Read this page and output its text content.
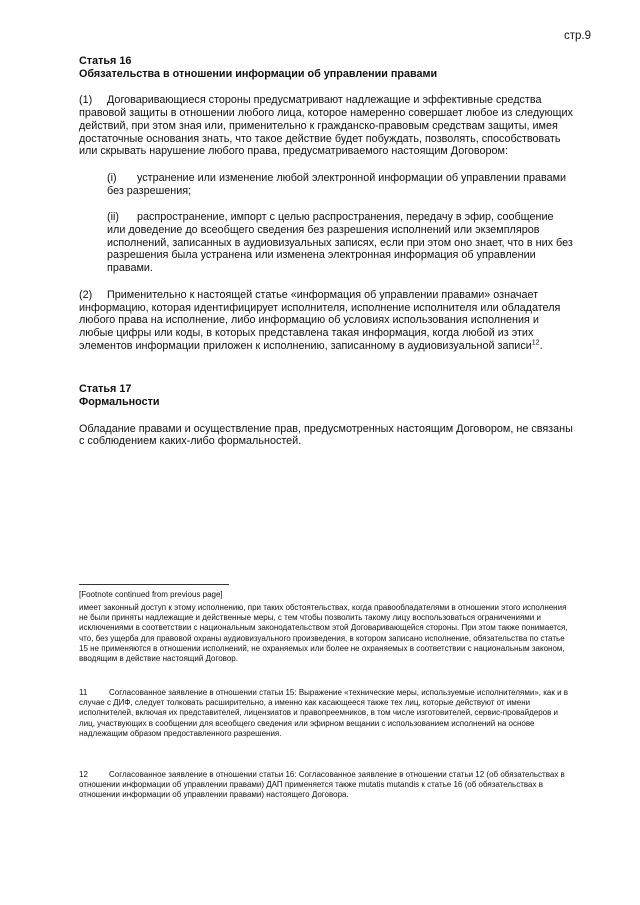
стр.9
Статья 16
Обязательства в отношении информации об управлении правами
(1) Договаривающиеся стороны предусматривают надлежащие и эффективные средства правовой защиты в отношении любого лица, которое намеренно совершает любое из следующих действий, при этом зная или, применительно к гражданско-правовым средствам защиты, имея достаточные основания знать, что такое действие будет побуждать, позволять, способствовать или скрывать нарушение любого права, предусматриваемого настоящим Договором:
(i) устранение или изменение любой электронной информации об управлении правами без разрешения;
(ii) распространение, импорт с целью распространения, передачу в эфир, сообщение или доведение до всеобщего сведения без разрешения исполнений или экземпляров исполнений, записанных в аудиовизуальных записях, если при этом оно знает, что в них без разрешения была устранена или изменена электронная информация об управлении правами.
(2) Применительно к настоящей статье «информация об управлении правами» означает информацию, которая идентифицирует исполнителя, исполнение исполнителя или обладателя любого права на исполнение, либо информацию об условиях использования исполнения и любые цифры или коды, в которых представлена такая информация, когда любой из этих элементов информации приложен к исполнению, записанному в аудиовизуальной записи$^{12}$.
Статья 17
Формальности
Обладание правами и осуществление прав, предусмотренных настоящим Договором, не связаны с соблюдением каких-либо формальностей.
[Footnote continued from previous page]
имеет законный доступ к этому исполнению, при таких обстоятельствах, когда правообладателями в отношении этого исполнения не были приняты надлежащие и действенные меры, с тем чтобы позволить такому лицу воспользоваться ограничениями и исключениями в соответствии с национальным законодательством этой Договаривающейся стороны. При этом также понимается, что, без ущерба для правовой охраны аудиовизуального произведения, в котором записано исполнение, обязательства по статье 15 не применяются в отношении исполнений, не охраняемых или более не охраняемых в соответствии с национальным законом, вводящим в действие настоящий Договор.
11	Согласованное заявление в отношении статьи 15: Выражение «технические меры, используемые исполнителями», как и в случае с ДИФ, следует толковать расширительно, а именно как касающееся также тех лиц, которые действуют от имени исполнителей, включая их представителей, лицензиатов и правопреемников, в том числе изготовителей, сервис-провайдеров и лиц, участвующих в сообщении для всеобщего сведения или эфирном вещании с использованием исполнений на основе надлежащим образом предоставленного разрешения.
12	Согласованное заявление в отношении статьи 16: Согласованное заявление в отношении статьи 12 (об обязательствах в отношении информации об управлении правами) ДАП применяется также mutatis mutandis к статье 16 (об обязательствах в отношении информации об управлении правами) настоящего Договора.
